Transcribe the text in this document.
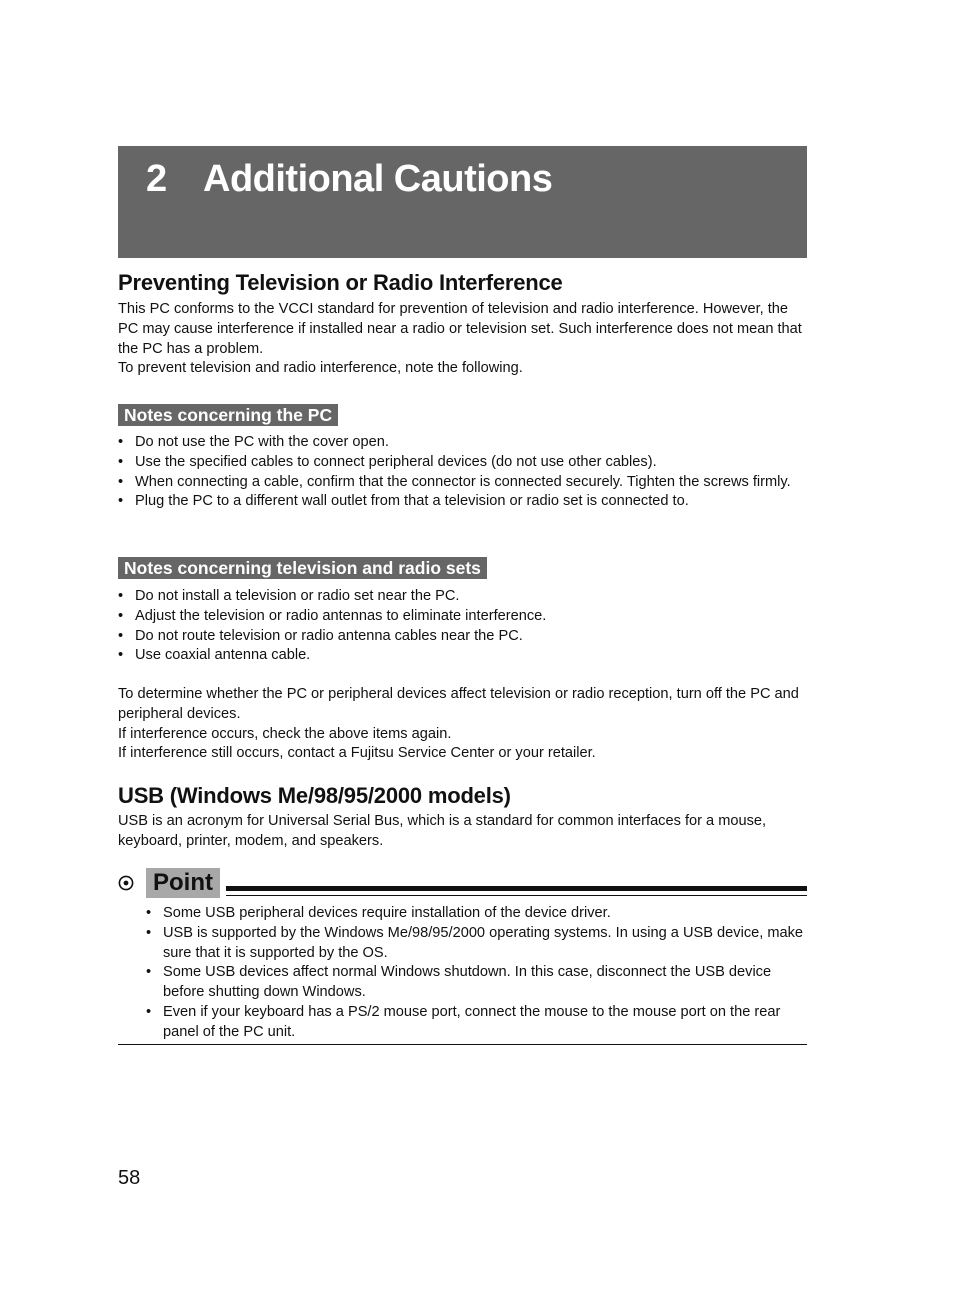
2 Additional Cautions
Preventing Television or Radio Interference

This PC conforms to the VCCI standard for prevention of television and radio interference. However, the PC may cause interference if installed near a radio or television set. Such interference does not mean that the PC has a problem.

To prevent television and radio interference, note the following.

Notes concerning the PC
• Do not use the PC with the cover open.
• Use the specified cables to connect peripheral devices (do not use other cables).
• When connecting a cable, confirm that the connector is connected securely. Tighten the screws firmly.
• Plug the PC to a different wall outlet from that a television or radio set is connected to.
Notes concerning television and radio sets
• Do not install a television or radio set near the PC.
• Adjust the television or radio antennas to eliminate interference.
• Do not route television or radio antenna cables near the PC.
• Use coaxial antenna cable.

To determine whether the PC or peripheral devices affect television or radio reception, turn off the PC and peripheral devices.

If interference occurs, check the above items again.

If interference still occurs, contact a Fujitsu Service Center or your retailer.

USB (Windows Me/98/95/2000 models)

USB is an acronym for Universal Serial Bus, which is a standard for common interfaces for a mouse, keyboard, printer, modem, and speakers.

Point
• Some USB peripheral devices require installation of the device driver.
• USB is supported by the Windows Me/98/95/2000 operating systems. In using a USB device, make sure that it is supported by the OS.
• Some USB devices affect normal Windows shutdown. In this case, disconnect the USB device before shutting down Windows.
• Even if your keyboard has a PS/2 mouse port, connect the mouse to the mouse port on the rear panel of the PC unit.
58
